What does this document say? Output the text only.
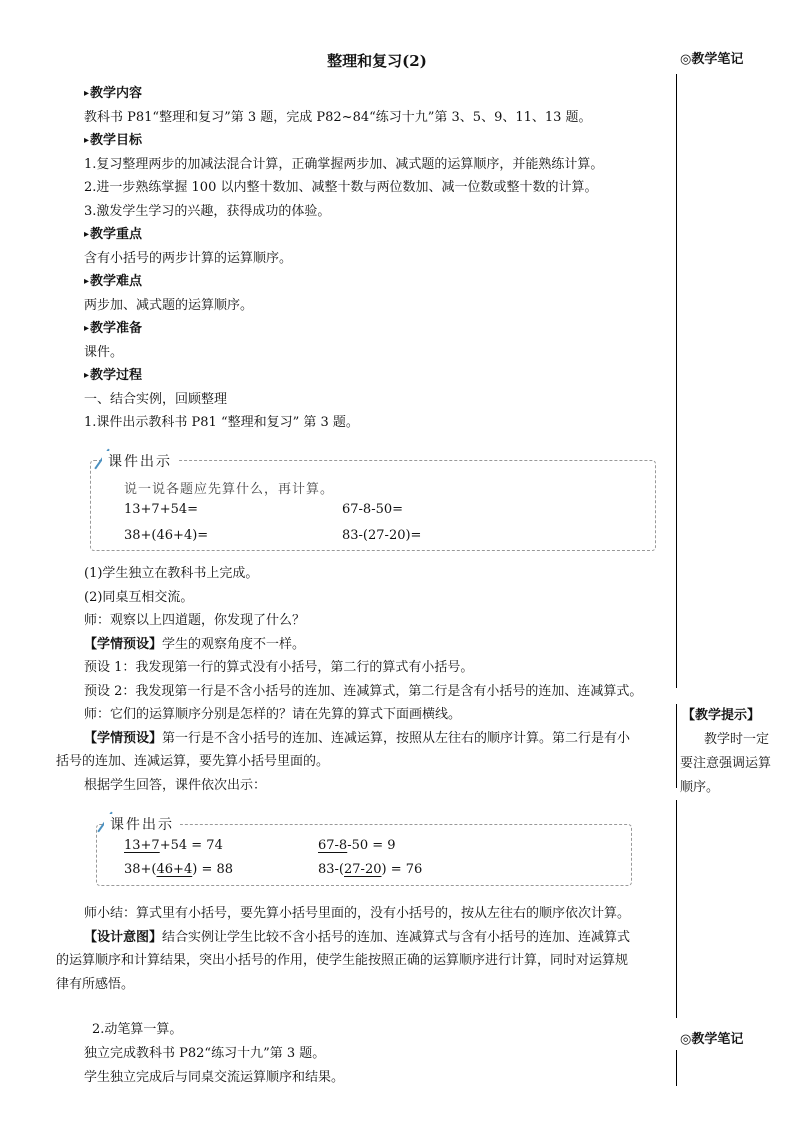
整理和复习(2)	◎教学笔记
【教学提示】
教学时一定
要注意强调运算
顺序。
◎教学笔记
▸ 教学内容
教科书 P81“整理和复习”第 3 题，完成 P82~84“练习十九”第 3、5、9、11、13 题。
▸ 教学目标
1.复习整理两步的加减法混合计算，正确掌握两步加、减式题的运算顺序，并能熟练计算。
2.进一步熟练掌握 100 以内整十数加、减整十数与两位数加、减一位数或整十数的计算。
3.激发学生学习的兴趣，获得成功的体验。
▸ 教学重点
含有小括号的两步计算的运算顺序。
▸ 教学难点
两步加、减式题的运算顺序。
▸ 教学准备
课件。
▸ 教学过程
一、结合实例，回顾整理
1.课件出示教科书 P81 “整理和复习” 第 3 题。
课件出示
说一说各题应先算什么，再计算。
13+7+54=	67-8-50=
38+(46+4)=	83-(27-20)=
(1)学生独立在教科书上完成。
(2)同桌互相交流。
师：观察以上四道题，你发现了什么？
【学情预设】学生的观察角度不一样。
预设 1：我发现第一行的算式没有小括号，第二行的算式有小括号。
预设 2：我发现第一行是不含小括号的连加、连减算式，第二行是含有小括号的连加、连减算式。
师：它们的运算顺序分别是怎样的？请在先算的算式下面画横线。
【学情预设】第一行是不含小括号的连加、连减运算，按照从左往右的顺序计算。第二行是有小
括号的连加、连减运算，要先算小括号里面的。
根据学生回答，课件依次出示：
课件出示
13+7+54 = 74	67-8-50 = 9
38+(46+4) = 88	83-(27-20) = 76
师小结：算式里有小括号，要先算小括号里面的，没有小括号的，按从左往右的顺序依次计算。
【设计意图】结合实例让学生比较不含小括号的连加、连减算式与含有小括号的连加、连减算式
的运算顺序和计算结果，突出小括号的作用，使学生能按照正确的运算顺序进行计算，同时对运算规
律有所感悟。
2.动笔算一算。
独立完成教科书 P82“练习十九”第 3 题。
学生独立完成后与同桌交流运算顺序和结果。
